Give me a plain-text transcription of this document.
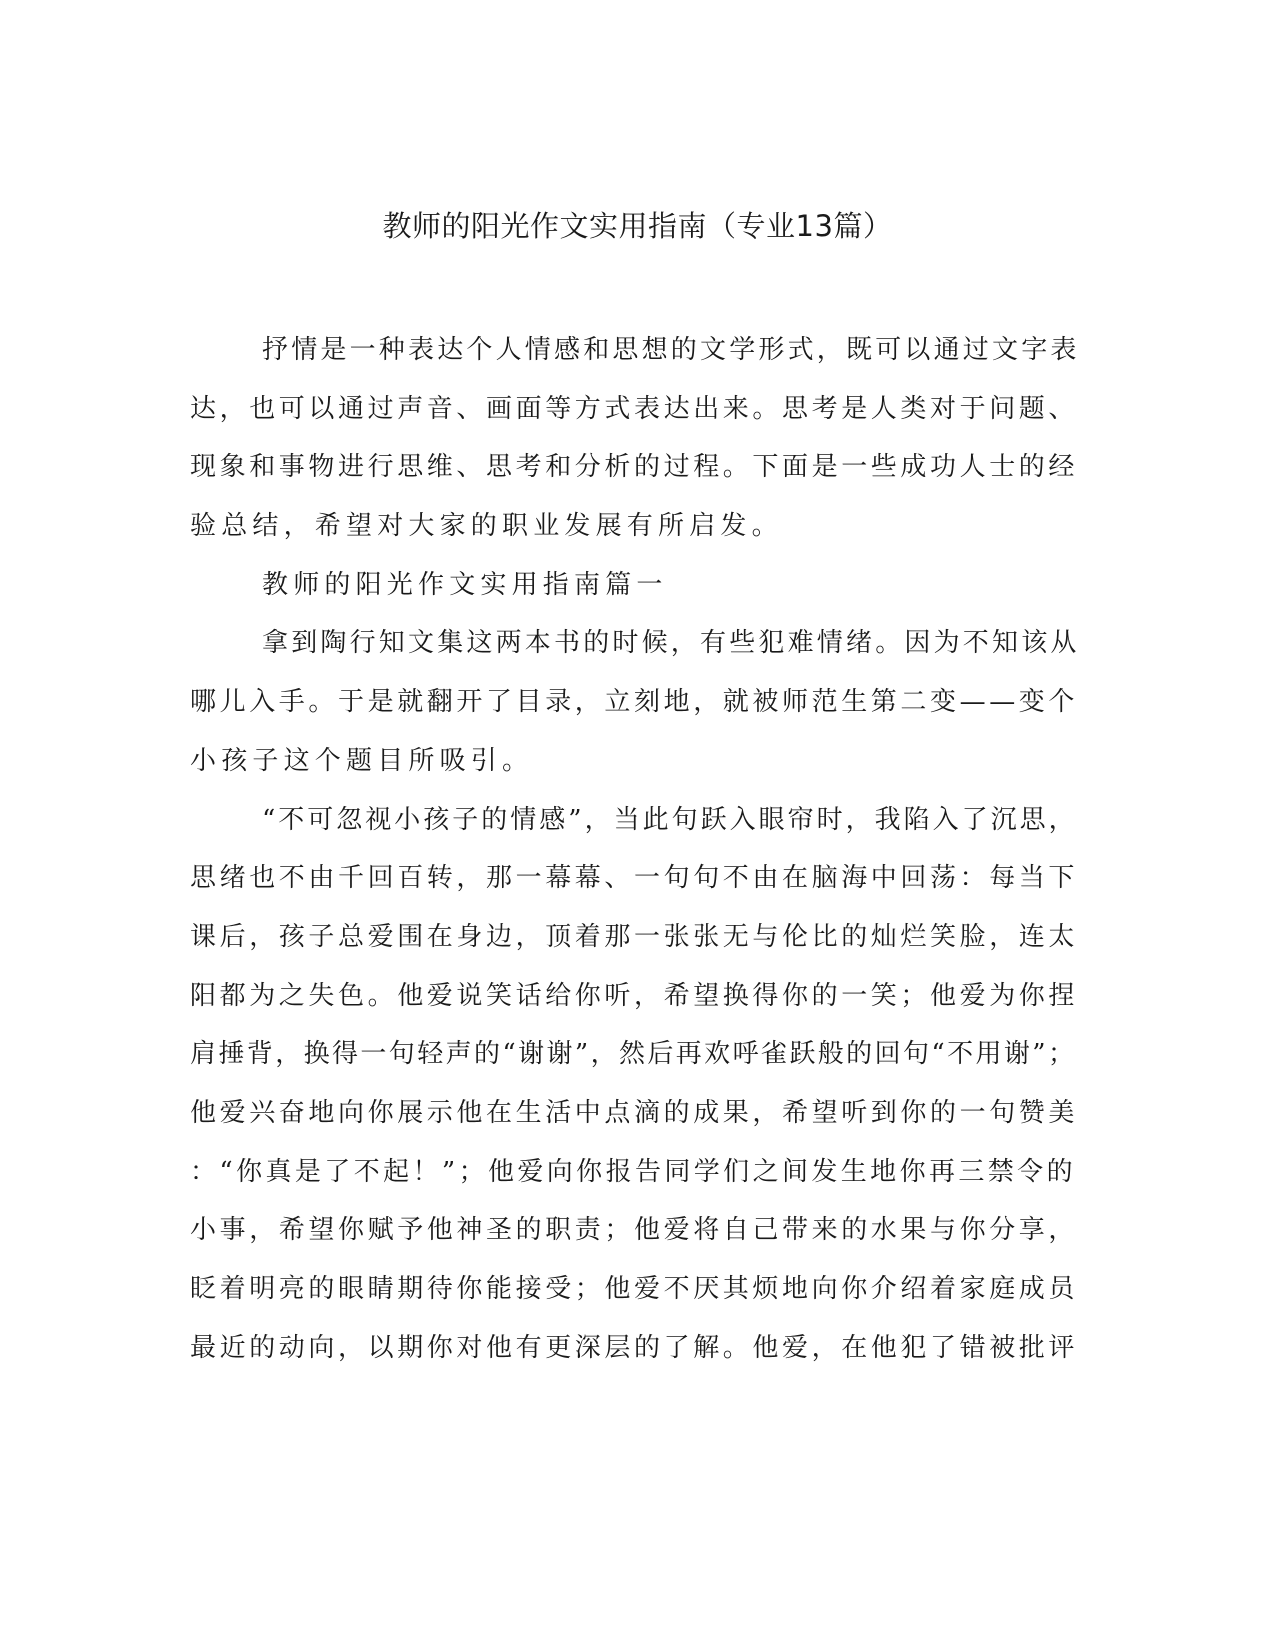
教师的阳光作文实用指南（专业13篇）
抒情是一种表达个人情感和思想的文学形式，既可以通过文字表
达，也可以通过声音、画面等方式表达出来。思考是人类对于问题、
现象和事物进行思维、思考和分析的过程。下面是一些成功人士的经
验总结，希望对大家的职业发展有所启发。
教师的阳光作文实用指南篇一
拿到陶行知文集这两本书的时候，有些犯难情绪。因为不知该从
哪儿入手。于是就翻开了目录，立刻地，就被师范生第二变——变个
小孩子这个题目所吸引。
“不可忽视小孩子的情感”，当此句跃入眼帘时，我陷入了沉思，
思绪也不由千回百转，那一幕幕、一句句不由在脑海中回荡：每当下
课后，孩子总爱围在身边，顶着那一张张无与伦比的灿烂笑脸，连太
阳都为之失色。他爱说笑话给你听，希望换得你的一笑；他爱为你捏
肩捶背，换得一句轻声的“谢谢”，然后再欢呼雀跃般的回句“不用谢”；
他爱兴奋地向你展示他在生活中点滴的成果，希望听到你的一句赞美
：“你真是了不起！”；他爱向你报告同学们之间发生地你再三禁令的
小事，希望你赋予他神圣的职责；他爱将自己带来的水果与你分享，
眨着明亮的眼睛期待你能接受；他爱不厌其烦地向你介绍着家庭成员
最近的动向，以期你对他有更深层的了解。他爱，在他犯了错被批评
